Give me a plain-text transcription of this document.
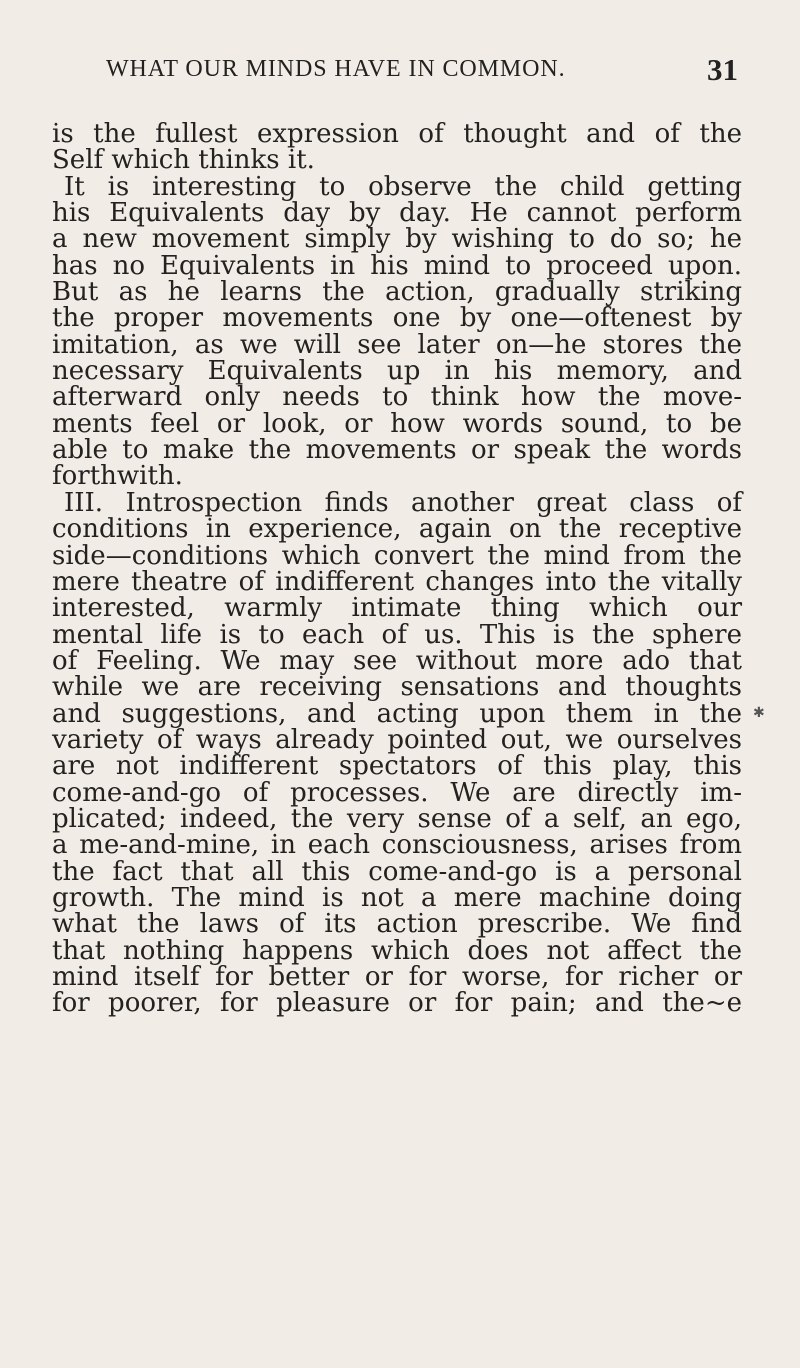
WHAT OUR MINDS HAVE IN COMMON.	31
✱
is the fullest expression of thought and of the
Self which thinks it.
It is interesting to observe the child getting
his Equivalents day by day. He cannot perform
a new movement simply by wishing to do so; he
has no Equivalents in his mind to proceed upon.
But as he learns the action, gradually striking
the proper movements one by one—oftenest by
imitation, as we will see later on—he stores the
necessary Equivalents up in his memory, and
afterward only needs to think how the move-
ments feel or look, or how words sound, to be
able to make the movements or speak the words
forthwith.
III. Introspection finds another great class of
conditions in experience, again on the receptive
side—conditions which convert the mind from the
mere theatre of indifferent changes into the vitally
interested, warmly intimate thing which our
mental life is to each of us. This is the sphere
of Feeling. We may see without more ado that
while we are receiving sensations and thoughts
and suggestions, and acting upon them in the
variety of ways already pointed out, we ourselves
are not indifferent spectators of this play, this
come-and-go of processes. We are directly im-
plicated; indeed, the very sense of a self, an ego,
a me-and-mine, in each consciousness, arises from
the fact that all this come-and-go is a personal
growth. The mind is not a mere machine doing
what the laws of its action prescribe. We find
that nothing happens which does not affect the
mind itself for better or for worse, for richer or
for poorer, for pleasure or for pain; and the~e
